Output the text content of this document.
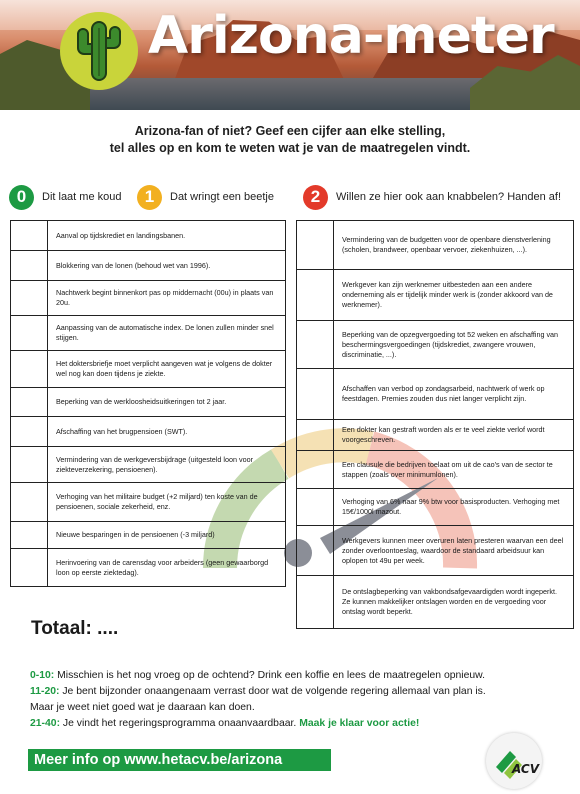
Arizona-meter
Arizona-fan of niet? Geef een cijfer aan elke stelling,
tel alles op en kom te weten wat je van de maatregelen vindt.
0	Dit laat me koud	1	Dat wringt een beetje	2	Willen ze hier ook aan knabbelen? Handen af!
Aanval op tijdskrediet en landingsbanen.
Blokkering van de lonen (behoud wet van 1996).
Nachtwerk begint binnenkort pas op middernacht (00u) in plaats van 20u.
Aanpassing van de automatische index. De lonen zullen minder snel stijgen.
Het doktersbriefje moet verplicht aangeven wat je volgens de dokter wel nog kan doen tijdens je ziekte.
Beperking van de werkloosheidsuitkeringen tot 2 jaar.
Afschaffing van het brugpensioen (SWT).
Vermindering van de werkgeversbijdrage (uitgesteld loon voor ziekteverzekering, pensioenen).
Verhoging van het militaire budget (+2 miljard) ten koste van de pensioenen, sociale zekerheid, enz.
Nieuwe besparingen in de pensioenen (-3 miljard)
Herinvoering van de carensdag voor arbeiders (geen gewaarborgd loon op eerste ziektedag).
Vermindering van de budgetten voor de openbare dienstverlening (scholen, brandweer, openbaar vervoer, ziekenhuizen, ...).
Werkgever kan zijn werknemer uitbesteden aan een andere onderneming als er tijdelijk minder werk is (zonder akkoord van de werknemer).
Beperking van de opzegvergoeding tot 52 weken en afschaffing van beschermingsvergoedingen (tijdskrediet, zwangere vrouwen, discriminatie, ...).
Afschaffen van verbod op zondagsarbeid, nachtwerk of werk op feestdagen. Premies zouden dus niet langer verplicht zijn.
Een dokter kan gestraft worden als er te veel ziekte verlof wordt voorgeschreven.
Een clausule die bedrijven toelaat om uit de cao's van de sector te stappen (zoals over minimumlonen).
Verhoging van 6% naar 9% btw voor basisproducten. Verhoging met 15€/1000l mazout.
Werkgevers kunnen meer overuren laten presteren waarvan een deel zonder overloontoeslag, waardoor de standaard arbeidsuur kan oplopen tot 49u per week.
De ontslagbeperking van vakbondsafgevaardigden wordt ingeperkt. Ze kunnen makkelijker ontslagen worden en de vergoeding voor ontslag wordt beperkt.
Totaal: ....
0-10: Misschien is het nog vroeg op de ochtend? Drink een koffie en lees de maatregelen opnieuw.
11-20: Je bent bijzonder onaangenaam verrast door wat de volgende regering allemaal van plan is.
Maar je weet niet goed wat je daaraan kan doen.
21-40: Je vindt het regeringsprogramma onaanvaardbaar. Maak je klaar voor actie!
Meer info op www.hetacv.be/arizona
ACV
